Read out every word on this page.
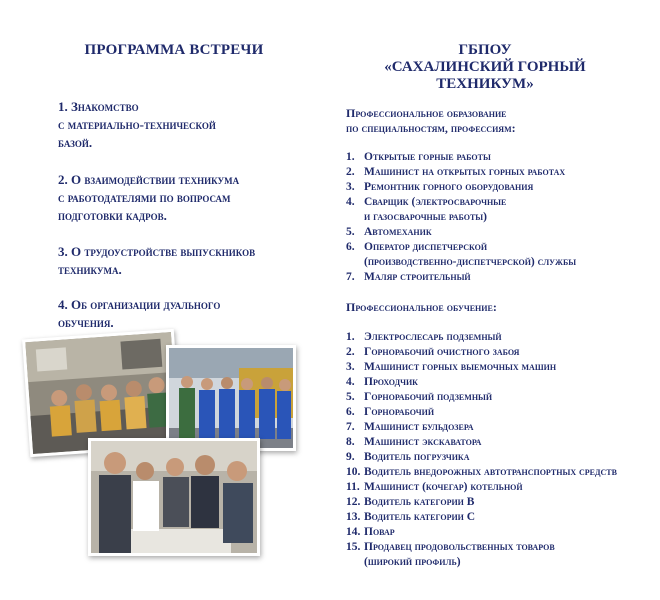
ПРОГРАММА ВСТРЕЧИ
1. Знакомство
с материально-технической
базой.
2. О взаимодействии техникума
с работодателями по вопросам
подготовки кадров.
3. О трудоустройстве выпускников
техникума.
4. Об организации дуального
обучения.
ГБПОУ
«САХАЛИНСКИЙ ГОРНЫЙ
ТЕХНИКУМ»
Профессиональное образование
по специальностям, профессиям:
1. Открытые горные работы
2. Машинист на открытых горных работах
3. Ремонтник горного оборудования
4. Сварщик (электросварочные
и газосварочные работы)
5. Автомеханик
6. Оператор диспетчерской
(производственно-диспетчерской) службы
7. Маляр строительный
Профессиональное обучение:
1. Электрослесарь подземный
2. Горнорабочий очистного забоя
3. Машинист горных выемочных машин
4. Проходчик
5. Горнорабочий подземный
6. Горнорабочий
7. Машинист бульдозера
8. Машинист экскаватора
9. Водитель погрузчика
10. Водитель внедорожных автотранспортных средств
11. Машинист (кочегар) котельной
12. Водитель категории В
13. Водитель категории С
14. Повар
15. Продавец продовольственных товаров
(широкий профиль)
